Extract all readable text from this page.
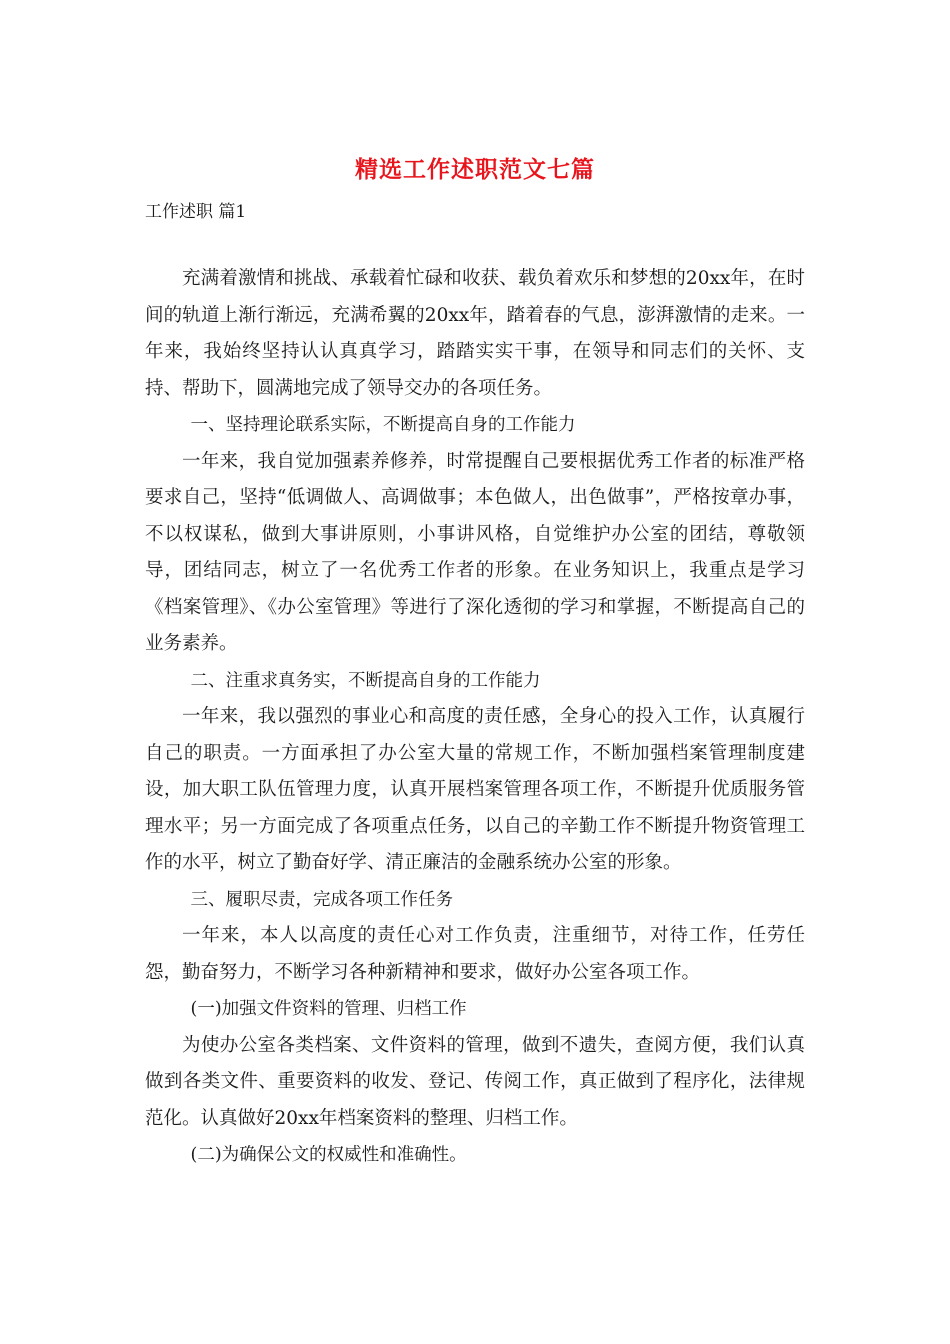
精选工作述职范文七篇
工作述职 篇1

充满着激情和挑战、承载着忙碌和收获、载负着欢乐和梦想的20xx年，在时间的轨道上渐行渐远，充满希翼的20xx年，踏着春的气息，澎湃激情的走来。一年来，我始终坚持认认真真学习，踏踏实实干事，在领导和同志们的关怀、支持、帮助下，圆满地完成了领导交办的各项任务。

一、坚持理论联系实际，不断提高自身的工作能力

一年来，我自觉加强素养修养，时常提醒自己要根据优秀工作者的标准严格要求自己，坚持“低调做人、高调做事；本色做人，出色做事”，严格按章办事，不以权谋私，做到大事讲原则，小事讲风格，自觉维护办公室的团结，尊敬领导，团结同志，树立了一名优秀工作者的形象。在业务知识上，我重点是学习《档案管理》、《办公室管理》等进行了深化透彻的学习和掌握，不断提高自己的业务素养。

二、注重求真务实，不断提高自身的工作能力

一年来，我以强烈的事业心和高度的责任感，全身心的投入工作，认真履行自己的职责。一方面承担了办公室大量的常规工作，不断加强档案管理制度建设，加大职工队伍管理力度，认真开展档案管理各项工作，不断提升优质服务管理水平；另一方面完成了各项重点任务，以自己的辛勤工作不断提升物资管理工作的水平，树立了勤奋好学、清正廉洁的金融系统办公室的形象。

三、履职尽责，完成各项工作任务

一年来，本人以高度的责任心对工作负责，注重细节，对待工作，任劳任怨，勤奋努力，不断学习各种新精神和要求，做好办公室各项工作。

(一)加强文件资料的管理、归档工作

为使办公室各类档案、文件资料的管理，做到不遗失，查阅方便，我们认真做到各类文件、重要资料的收发、登记、传阅工作，真正做到了程序化，法律规范化。认真做好20xx年档案资料的整理、归档工作。

(二)为确保公文的权威性和准确性。
